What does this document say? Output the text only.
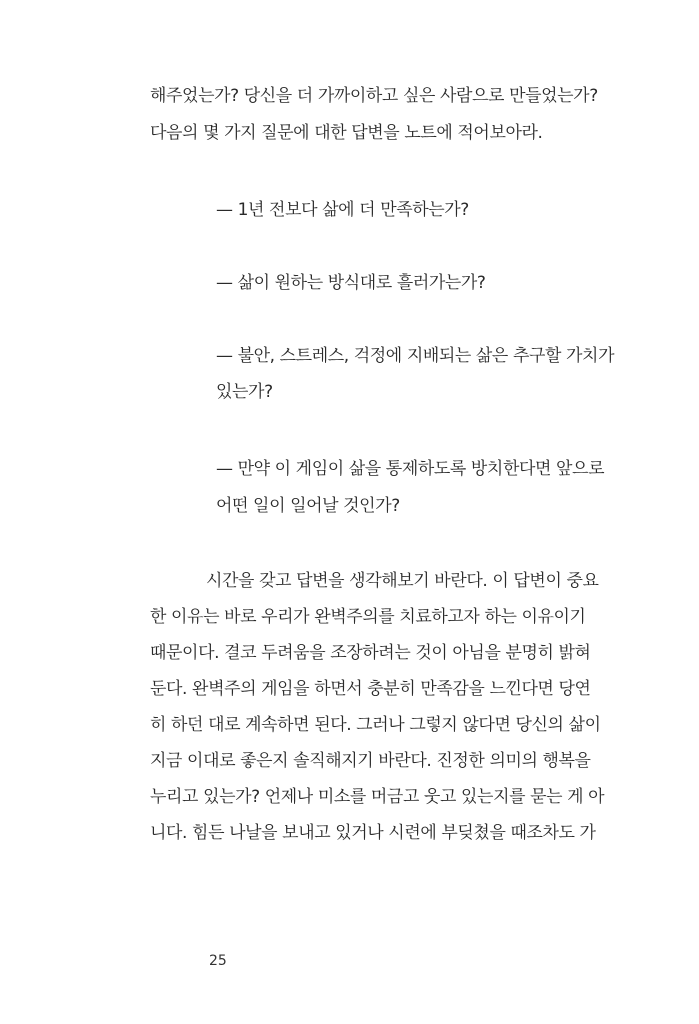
해주었는가? 당신을 더 가까이하고 싶은 사람으로 만들었는가?
다음의 몇 가지 질문에 대한 답변을 노트에 적어보아라.
— 1년 전보다 삶에 더 만족하는가?
— 삶이 원하는 방식대로 흘러가는가?
— 불안, 스트레스, 걱정에 지배되는 삶은 추구할 가치가
있는가?
— 만약 이 게임이 삶을 통제하도록 방치한다면 앞으로
어떤 일이 일어날 것인가?
시간을 갖고 답변을 생각해보기 바란다. 이 답변이 중요
한 이유는 바로 우리가 완벽주의를 치료하고자 하는 이유이기
때문이다. 결코 두려움을 조장하려는 것이 아님을 분명히 밝혀
둔다. 완벽주의 게임을 하면서 충분히 만족감을 느낀다면 당연
히 하던 대로 계속하면 된다. 그러나 그렇지 않다면 당신의 삶이
지금 이대로 좋은지 솔직해지기 바란다. 진정한 의미의 행복을
누리고 있는가? 언제나 미소를 머금고 웃고 있는지를 묻는 게 아
니다. 힘든 나날을 보내고 있거나 시련에 부딪쳤을 때조차도 가
25
